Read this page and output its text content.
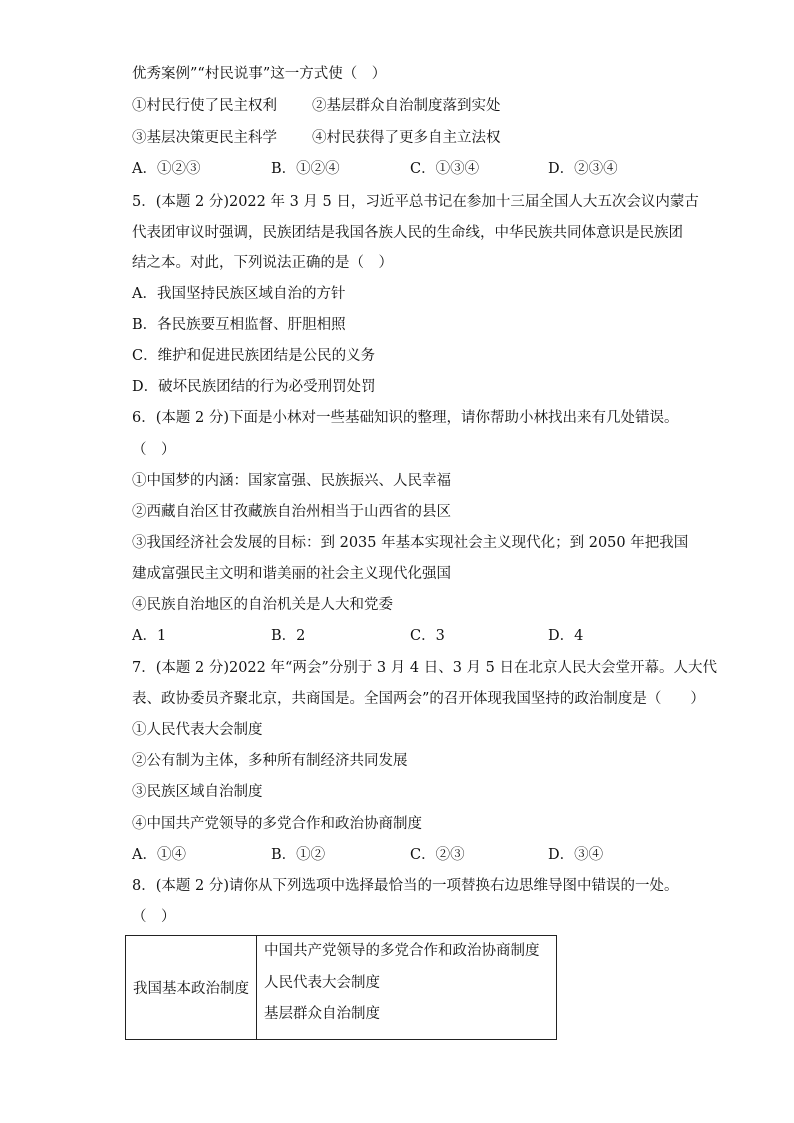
优秀案例”“村民说事”这一方式使（　）
①村民行使了民主权利 ②基层群众自治制度落到实处
③基层决策更民主科学 ④村民获得了更多自主立法权
A．①②③	B．①②④	C．①③④	D．②③④
5．(本题 2 分)2022 年 3 月 5 日，习近平总书记在参加十三届全国人大五次会议内蒙古
代表团审议时强调，民族团结是我国各族人民的生命线，中华民族共同体意识是民族团
结之本。对此，下列说法正确的是（　）
A．我国坚持民族区域自治的方针
B．各民族要互相监督、肝胆相照
C．维护和促进民族团结是公民的义务
D．破坏民族团结的行为必受刑罚处罚
6．(本题 2 分)下面是小林对一些基础知识的整理，请你帮助小林找出来有几处错误。
（　）
①中国梦的内涵：国家富强、民族振兴、人民幸福
②西藏自治区甘孜藏族自治州相当于山西省的县区
③我国经济社会发展的目标：到 2035 年基本实现社会主义现代化；到 2050 年把我国
建成富强民主文明和谐美丽的社会主义现代化强国
④民族自治地区的自治机关是人大和党委
A．1	B．2	C．3	D．4
7．(本题 2 分)2022 年“两会”分别于 3 月 4 日、3 月 5 日在北京人民大会堂开幕。人大代
表、政协委员齐聚北京，共商国是。全国两会”的召开体现我国坚持的政治制度是（　　）
①人民代表大会制度
②公有制为主体，多种所有制经济共同发展
③民族区域自治制度
④中国共产党领导的多党合作和政治协商制度
A．①④	B．①②	C．②③	D．③④
8．(本题 2 分)请你从下列选项中选择最恰当的一项替换右边思维导图中错误的一处。
（　）
我国基本政治制度	
中国共产党领导的多党合作和政治协商制度
人民代表大会制度
基层群众自治制度
